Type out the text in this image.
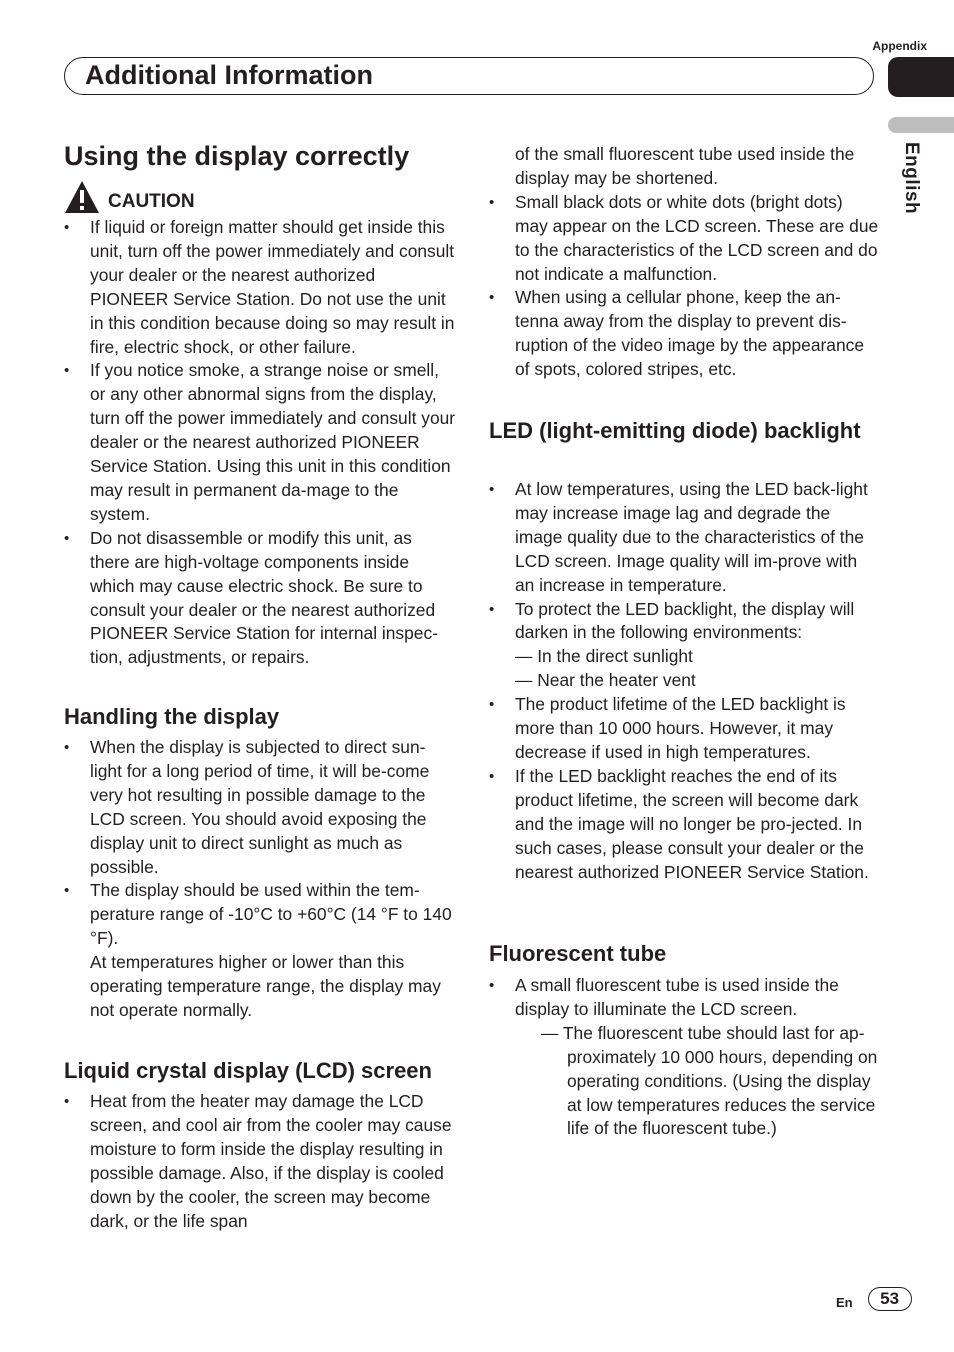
Appendix
Additional Information
English
Using the display correctly
CAUTION
• If liquid or foreign matter should get inside this unit, turn off the power immediately and consult your dealer or the nearest authorized PIONEER Service Station. Do not use the unit in this condition because doing so may result in fire, electric shock, or other failure.
• If you notice smoke, a strange noise or smell, or any other abnormal signs from the display, turn off the power immediately and consult your dealer or the nearest authorized PIONEER Service Station. Using this unit in this condition may result in permanent da-mage to the system.
• Do not disassemble or modify this unit, as there are high-voltage components inside which may cause electric shock. Be sure to consult your dealer or the nearest authorized PIONEER Service Station for internal inspec-tion, adjustments, or repairs.
Handling the display
• When the display is subjected to direct sun-light for a long period of time, it will be-come very hot resulting in possible damage to the LCD screen. You should avoid exposing the display unit to direct sunlight as much as possible.
• The display should be used within the tem-perature range of -10°C to +60°C (14 °F to 140 °F).
At temperatures higher or lower than this operating temperature range, the display may not operate normally.
Liquid crystal display (LCD) screen
• Heat from the heater may damage the LCD screen, and cool air from the cooler may cause moisture to form inside the display resulting in possible damage. Also, if the display is cooled down by the cooler, the screen may become dark, or the life span
of the small fluorescent tube used inside the display may be shortened.
• Small black dots or white dots (bright dots) may appear on the LCD screen. These are due to the characteristics of the LCD screen and do not indicate a malfunction.
• When using a cellular phone, keep the an-tenna away from the display to prevent dis-ruption of the video image by the appearance of spots, colored stripes, etc.
LED (light-emitting diode) backlight
• At low temperatures, using the LED back-light may increase image lag and degrade the image quality due to the characteristics of the LCD screen. Image quality will im-prove with an increase in temperature.
• To protect the LED backlight, the display will darken in the following environments:
— In the direct sunlight
— Near the heater vent
• The product lifetime of the LED backlight is more than 10 000 hours. However, it may decrease if used in high temperatures.
• If the LED backlight reaches the end of its product lifetime, the screen will become dark and the image will no longer be pro-jected. In such cases, please consult your dealer or the nearest authorized PIONEER Service Station.
Fluorescent tube
• A small fluorescent tube is used inside the display to illuminate the LCD screen.
— The fluorescent tube should last for ap-proximately 10 000 hours, depending on operating conditions. (Using the display at low temperatures reduces the service life of the fluorescent tube.)
En	53
